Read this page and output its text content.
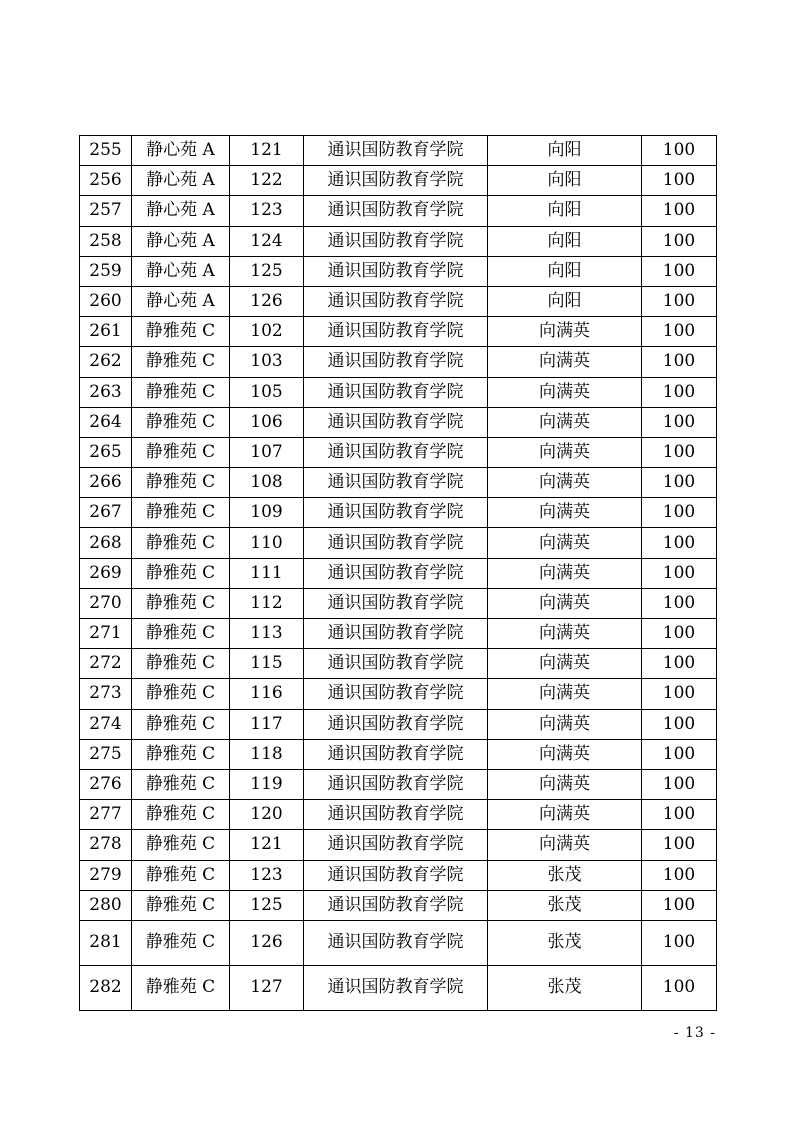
255	静心苑 A	121	通识国防教育学院	向阳	100
256	静心苑 A	122	通识国防教育学院	向阳	100
257	静心苑 A	123	通识国防教育学院	向阳	100
258	静心苑 A	124	通识国防教育学院	向阳	100
259	静心苑 A	125	通识国防教育学院	向阳	100
260	静心苑 A	126	通识国防教育学院	向阳	100
261	静雅苑 C	102	通识国防教育学院	向满英	100
262	静雅苑 C	103	通识国防教育学院	向满英	100
263	静雅苑 C	105	通识国防教育学院	向满英	100
264	静雅苑 C	106	通识国防教育学院	向满英	100
265	静雅苑 C	107	通识国防教育学院	向满英	100
266	静雅苑 C	108	通识国防教育学院	向满英	100
267	静雅苑 C	109	通识国防教育学院	向满英	100
268	静雅苑 C	110	通识国防教育学院	向满英	100
269	静雅苑 C	111	通识国防教育学院	向满英	100
270	静雅苑 C	112	通识国防教育学院	向满英	100
271	静雅苑 C	113	通识国防教育学院	向满英	100
272	静雅苑 C	115	通识国防教育学院	向满英	100
273	静雅苑 C	116	通识国防教育学院	向满英	100
274	静雅苑 C	117	通识国防教育学院	向满英	100
275	静雅苑 C	118	通识国防教育学院	向满英	100
276	静雅苑 C	119	通识国防教育学院	向满英	100
277	静雅苑 C	120	通识国防教育学院	向满英	100
278	静雅苑 C	121	通识国防教育学院	向满英	100
279	静雅苑 C	123	通识国防教育学院	张茂	100
280	静雅苑 C	125	通识国防教育学院	张茂	100
281	静雅苑 C	126	通识国防教育学院	张茂	100
282	静雅苑 C	127	通识国防教育学院	张茂	100
- 13 -
